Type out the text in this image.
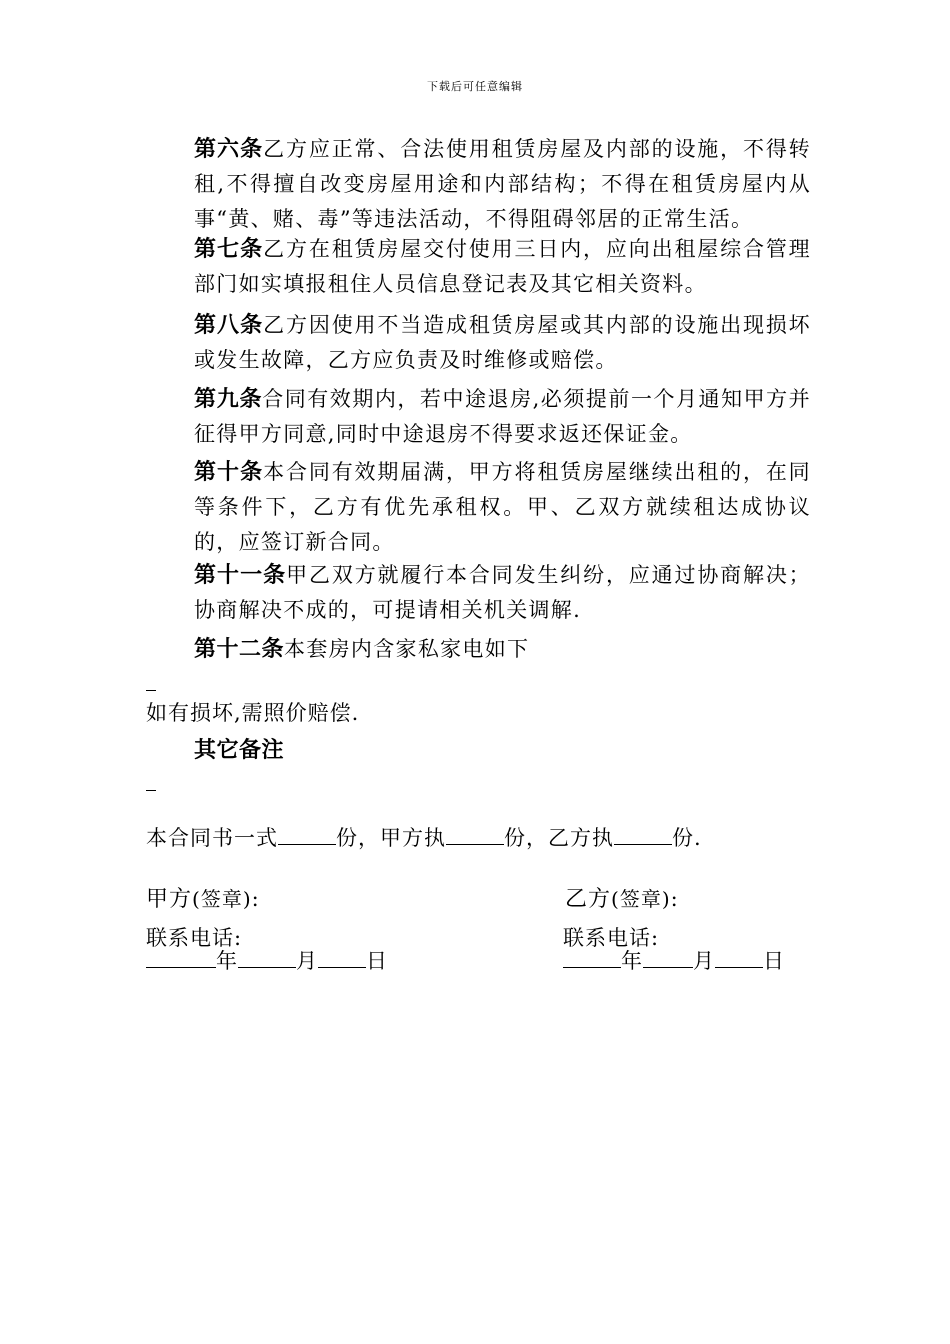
下载后可任意编辑
第六条乙方应正常、合法使用租赁房屋及内部的设施，不得转租,不得擅自改变房屋用途和内部结构；不得在租赁房屋内从事“黄、赌、毒”等违法活动，不得阻碍邻居的正常生活。
第七条乙方在租赁房屋交付使用三日内，应向出租屋综合管理部门如实填报租住人员信息登记表及其它相关资料。
第八条乙方因使用不当造成租赁房屋或其内部的设施出现损坏或发生故障，乙方应负责及时维修或赔偿。
第九条合同有效期内，若中途退房,必须提前一个月通知甲方并征得甲方同意,同时中途退房不得要求返还保证金。
第十条本合同有效期届满，甲方将租赁房屋继续出租的，在同等条件下，乙方有优先承租权。甲、乙双方就续租达成协议的，应签订新合同。
第十一条甲乙双方就履行本合同发生纠纷，应通过协商解决；协商解决不成的，可提请相关机关调解.
第十二条本套房内含家私家电如下
如有损坏,需照价赔偿.
其它备注
本合同书一式	份，甲方执	份，乙方执	份.
甲方(签章):
联系电话:
年	月 日
乙方(签章):
联系电话:
年 月 日
